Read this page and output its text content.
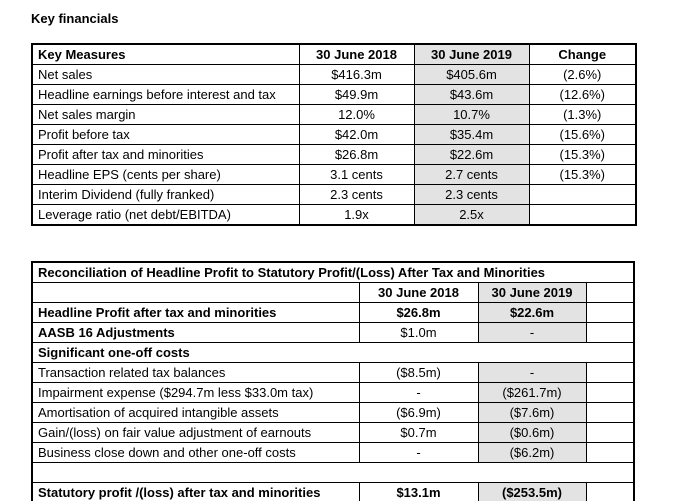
Key financials
Key Measures	30 June 2018	30 June 2019	Change
Net sales	$416.3m	$405.6m	(2.6%)
Headline earnings before interest and tax	$49.9m	$43.6m	(12.6%)
Net sales margin	12.0%	10.7%	(1.3%)
Profit before tax	$42.0m	$35.4m	(15.6%)
Profit after tax and minorities	$26.8m	$22.6m	(15.3%)
Headline EPS (cents per share)	3.1 cents	2.7 cents	(15.3%)
Interim Dividend (fully franked)	2.3 cents	2.3 cents	
Leverage ratio (net debt/EBITDA)	1.9x	2.5x	
Reconciliation of Headline Profit to Statutory Profit/(Loss) After Tax and Minorities			
	30 June 2018	30 June 2019	
Headline Profit after tax and minorities	$26.8m	$22.6m	
AASB 16 Adjustments	$1.0m	-	
Significant one-off costs			
Transaction related tax balances	($8.5m)	-	
Impairment expense ($294.7m less $33.0m tax)	-	($261.7m)	
Amortisation of acquired intangible assets	($6.9m)	($7.6m)	
Gain/(loss) on fair value adjustment of earnouts	$0.7m	($0.6m)	
Business close down and other one-off costs	-	($6.2m)	

Statutory profit /(loss) after tax and minorities	$13.1m	($253.5m)	
